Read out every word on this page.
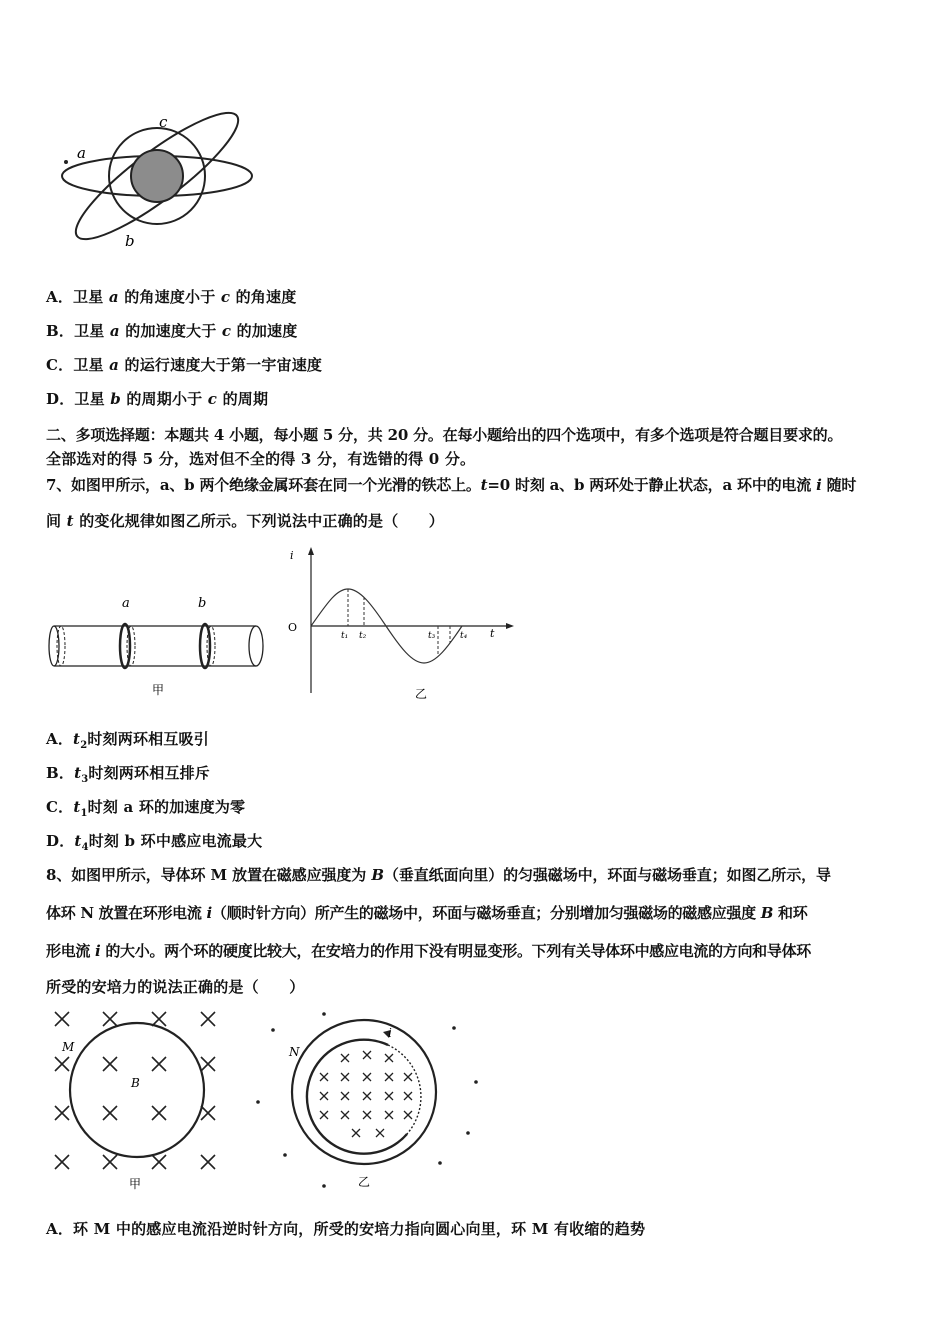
a
c
b
A．卫星 a 的角速度小于 c 的角速度
B．卫星 a 的加速度大于 c 的加速度
C．卫星 a 的运行速度大于第一宇宙速度
D．卫星 b 的周期小于 c 的周期
二、多项选择题：本题共 4 小题，每小题 5 分，共 20 分。在每小题给出的四个选项中，有多个选项是符合题目要求的。
全部选对的得 5 分，选对但不全的得 3 分，有选错的得 0 分。
7、如图甲所示，a、b 两个绝缘金属环套在同一个光滑的铁芯上。t=0 时刻 a、b 两环处于静止状态，a 环中的电流 i 随时
间 t 的变化规律如图乙所示。下列说法中正确的是（　　）
a	b
甲
i
t
O
t₁ t₂	t₃	t₄
乙
A．$t_2$时刻两环相互吸引
B．$t_3$时刻两环相互排斥
C．$t_1$时刻 a 环的加速度为零
D．$t_4$时刻 b 环中感应电流最大
8、如图甲所示，导体环 M 放置在磁感应强度为 B（垂直纸面向里）的匀强磁场中，环面与磁场垂直；如图乙所示，导
体环 N 放置在环形电流 i（顺时针方向）所产生的磁场中，环面与磁场垂直；分别增加匀强磁场的磁感应强度 B 和环
形电流 i 的大小。两个环的硬度比较大，在安培力的作用下没有明显变形。下列有关导体环中感应电流的方向和导体环
所受的安培力的说法正确的是（　　）
M
B
甲
N
i
乙
A．环 M 中的感应电流沿逆时针方向，所受的安培力指向圆心向里，环 M 有收缩的趋势
